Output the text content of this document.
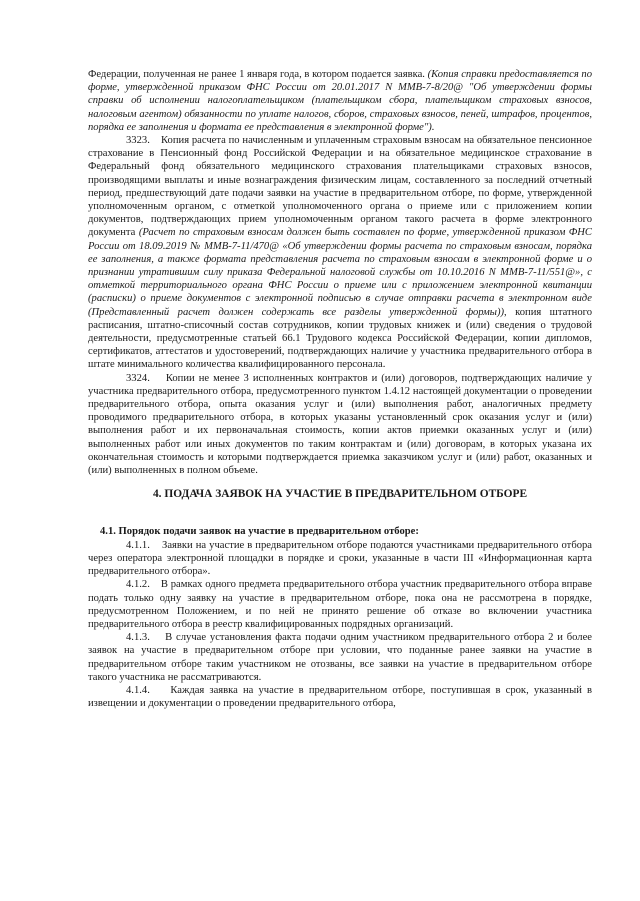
Федерации, полученная не ранее 1 января года, в котором подается заявка. (Копия справки предоставляется по форме, утвержденной приказом ФНС России от 20.01.2017 N ММВ-7-8/20@ "Об утверждении формы справки об исполнении налогоплательщиком (плательщиком сбора, плательщиком страховых взносов, налоговым агентом) обязанности по уплате налогов, сборов, страховых взносов, пеней, штрафов, процентов, порядка ее заполнения и формата ее представления в электронной форме").

3323.    Копия расчета по начисленным и уплаченным страховым взносам на обязательное пенсионное страхование в Пенсионный фонд Российской Федерации и на обязательное медицинское страхование в Федеральный фонд обязательного медицинского страхования плательщиками страховых взносов, производящими выплаты и иные вознаграждения физическим лицам, составленного за последний отчетный период, предшествующий дате подачи заявки на участие в предварительном отборе, по форме, утвержденной уполномоченным органом, с отметкой уполномоченного органа о приеме или с приложением копии документов, подтверждающих прием уполномоченным органом такого расчета в форме электронного документа (Расчет по страховым взносам должен быть составлен по форме, утвержденной приказом ФНС России от 18.09.2019 № ММВ-7-11/470@ «Об утверждении формы расчета по страховым взносам, порядка ее заполнения, а также формата представления расчета по страховым взносам в электронной форме и о признании утратившим силу приказа Федеральной налоговой службы от 10.10.2016 N ММВ-7-11/551@», с отметкой территориального органа ФНС России о приеме или с приложением электронной квитанции (расписки) о приеме документов с электронной подписью в случае отправки расчета в электронном виде (Представленный расчет должен содержать все разделы утвержденной формы)), копия штатного расписания, штатно-списочный состав сотрудников, копии трудовых книжек и (или) сведения о трудовой деятельности, предусмотренные статьей 66.1 Трудового кодекса Российской Федерации, копии дипломов, сертификатов, аттестатов и удостоверений, подтверждающих наличие у участника предварительного отбора в штате минимального количества квалифицированного персонала.

3324.    Копии не менее 3 исполненных контрактов и (или) договоров, подтверждающих наличие у участника предварительного отбора, предусмотренного пунктом 1.4.12 настоящей документации о проведении предварительного отбора, опыта оказания услуг и (или) выполнения работ, аналогичных предмету проводимого предварительного отбора, в которых указаны установленный срок оказания услуг и (или) выполнения работ и их первоначальная стоимость, копии актов приемки оказанных услуг и (или) выполненных работ или иных документов по таким контрактам и (или) договорам, в которых указана их окончательная стоимость и которыми подтверждается приемка заказчиком услуг и (или) работ, оказанных и (или) выполненных в полном объеме.

4. ПОДАЧА ЗАЯВОК НА УЧАСТИЕ В ПРЕДВАРИТЕЛЬНОМ ОТБОРЕ

4.1. Порядок подачи заявок на участие в предварительном отборе:

4.1.1.    Заявки на участие в предварительном отборе подаются участниками предварительного отбора через оператора электронной площадки в порядке и сроки, указанные в части III «Информационная карта предварительного отбора».

4.1.2.    В рамках одного предмета предварительного отбора участник предварительного отбора вправе подать только одну заявку на участие в предварительном отборе, пока она не рассмотрена в порядке, предусмотренном Положением, и по ней не принято решение об отказе во включении участника предварительного отбора в реестр квалифицированных подрядных организаций.

4.1.3.    В случае установления факта подачи одним участником предварительного отбора 2 и более заявок на участие в предварительном отборе при условии, что поданные ранее заявки на участие в предварительном отборе таким участником не отозваны, все заявки на участие в предварительном отборе такого участника не рассматриваются.

4.1.4.    Каждая заявка на участие в предварительном отборе, поступившая в срок, указанный в извещении и документации о проведении предварительного отбора,
